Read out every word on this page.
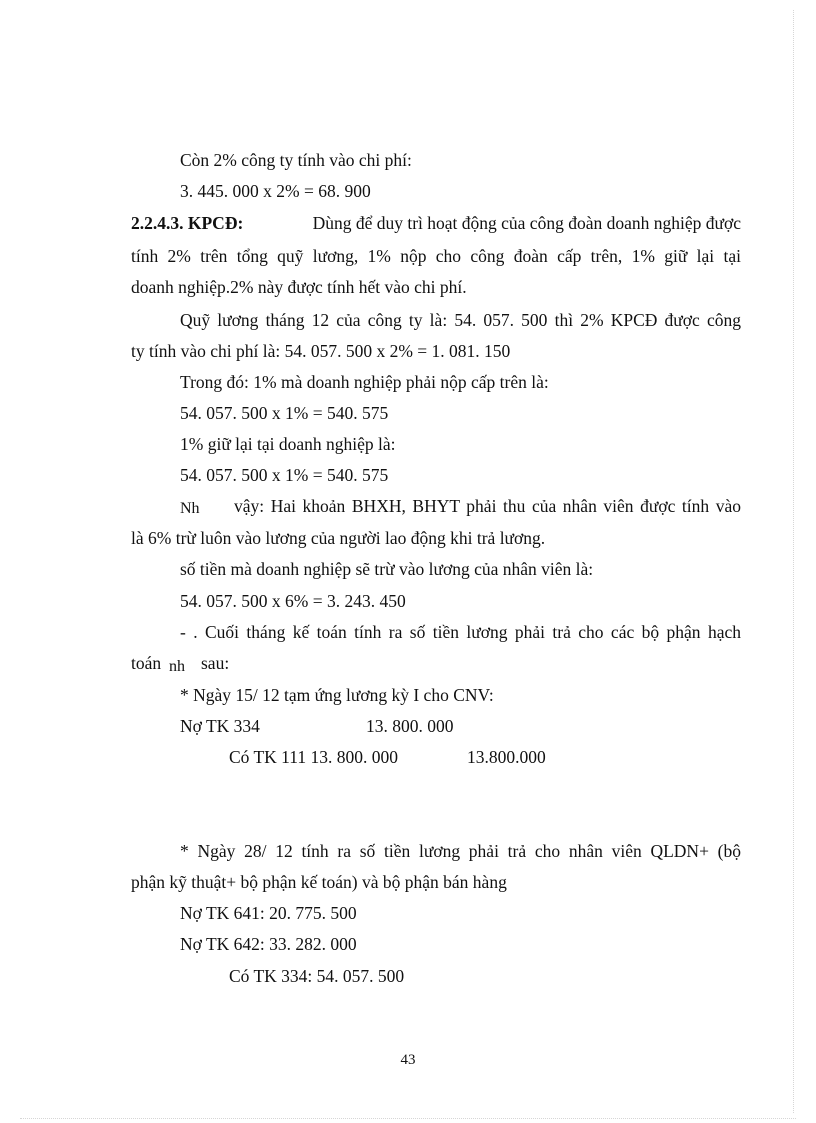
Còn 2% công ty tính vào chi phí:
3. 445. 000 x 2% = 68. 900
2.2.4.3. KPCĐ:	Dùng để duy trì hoạt động của công đoàn doanh nghiệp được
tính 2% trên tổng quỹ lương, 1% nộp cho công đoàn cấp trên, 1% giữ lại tại
doanh nghiệp.2% này được tính hết vào chi phí.
Quỹ lương tháng 12 của công ty là: 54. 057. 500 thì 2% KPCĐ được công
ty tính vào chi phí là: 54. 057. 500 x 2% = 1. 081. 150
Trong đó: 1% mà doanh nghiệp phải nộp cấp trên là:
54. 057. 500 x 1% = 540. 575
1% giữ lại tại doanh nghiệp là:
54. 057. 500 x 1% = 540. 575
Nh vậy: Hai khoản BHXH, BHYT phải thu của nhân viên được tính vào
là 6% trừ luôn vào lương của người lao động khi trả lương.
số tiền mà doanh nghiệp sẽ trừ vào lương của nhân viên là:
54. 057. 500 x 6% = 3. 243. 450
- . Cuối tháng kế toán tính ra số tiền lương phải trả cho các bộ phận hạch
toán nh sau:
* Ngày 15/ 12 tạm ứng lương kỳ I cho CNV:
Nợ TK 334	13. 800. 000
Có TK 111 13. 800. 000	13.800.000
* Ngày 28/ 12 tính ra số tiền lương phải trả cho nhân viên QLDN+ (bộ
phận kỹ thuật+ bộ phận kế toán) và bộ phận bán hàng
Nợ TK 641: 20. 775. 500
Nợ TK 642: 33. 282. 000
Có TK 334: 54. 057. 500
43
